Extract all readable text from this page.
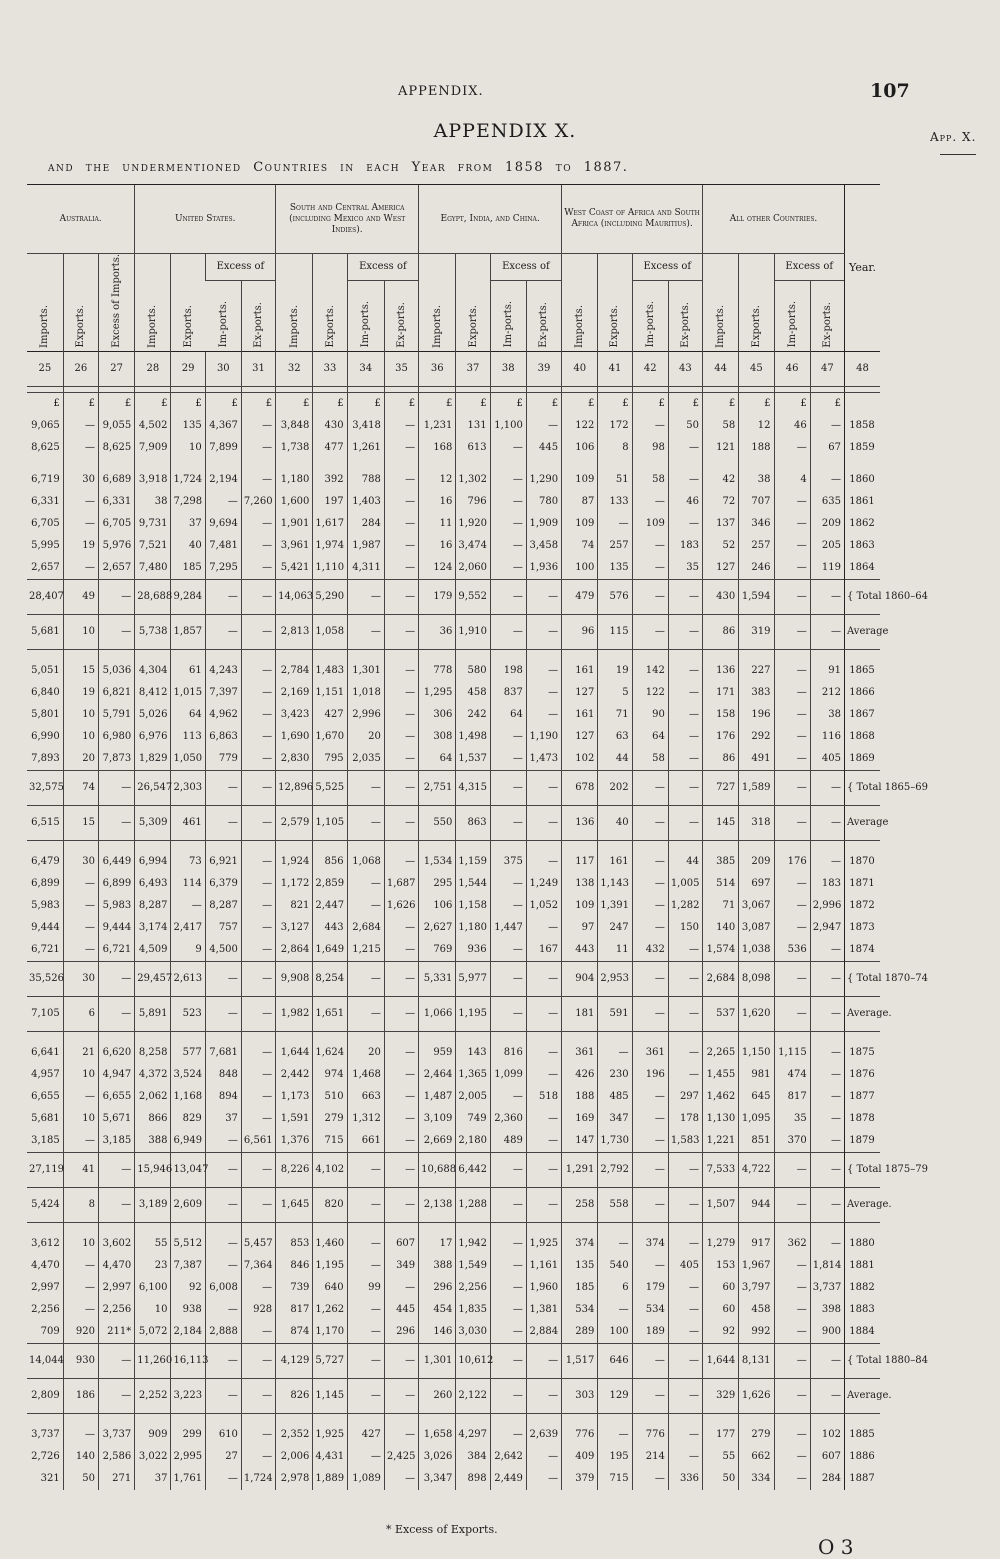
APPENDIX.	107
App. X.
APPENDIX X.
and the undermentioned Countries in each Year from 1858 to 1887.
Australia.			United States.				South and Central America (including Mexico and West Indies).				Egypt, India, and China.				West Coast of Africa and South Africa (including Mauritius).				All other Countries.				Year.
Imports.	Exports.	Excess of Imports.	Imports.	Exports.	Excess of		Imports.	Exports.	Excess of		Imports.	Exports.	Excess of		Imports.	Exports.	Excess of		Imports.	Exports.	Excess of		
					Im-ports.	Ex-ports.			Im-ports.	Ex-ports.			Im-ports.	Ex-ports.			Im-ports.	Ex-ports.			Im-ports.	Ex-ports.	
25	26	27	28	29	30	31	32	33	34	35	36	37	38	39	40	41	42	43	44	45	46	47	48

£	£	£	£	£	£	£	£	£	£	£	£	£	£	£	£	£	£	£	£	£	£	£	
9,065	—	9,055	4,502	135	4,367	—	3,848	430	3,418	—	1,231	131	1,100	—	122	172	—	50	58	12	46	—	1858
8,625	—	8,625	7,909	10	7,899	—	1,738	477	1,261	—	168	613	—	445	106	8	98	—	121	188	—	67	1859

6,719	30	6,689	3,918	1,724	2,194	—	1,180	392	788	—	12	1,302	—	1,290	109	51	58	—	42	38	4	—	1860
6,331	—	6,331	38	7,298	—	7,260	1,600	197	1,403	—	16	796	—	780	87	133	—	46	72	707	—	635	1861
6,705	—	6,705	9,731	37	9,694	—	1,901	1,617	284	—	11	1,920	—	1,909	109	—	109	—	137	346	—	209	1862
5,995	19	5,976	7,521	40	7,481	—	3,961	1,974	1,987	—	16	3,474	—	3,458	74	257	—	183	52	257	—	205	1863
2,657	—	2,657	7,480	185	7,295	—	5,421	1,110	4,311	—	124	2,060	—	1,936	100	135	—	35	127	246	—	119	1864
28,407	49	—	28,688	9,284	—	—	14,063	5,290	—	—	179	9,552	—	—	479	576	—	—	430	1,594	—	—	{ Total 1860–64
5,681	10	—	5,738	1,857	—	—	2,813	1,058	—	—	36	1,910	—	—	96	115	—	—	86	319	—	—	Average

5,051	15	5,036	4,304	61	4,243	—	2,784	1,483	1,301	—	778	580	198	—	161	19	142	—	136	227	—	91	1865
6,840	19	6,821	8,412	1,015	7,397	—	2,169	1,151	1,018	—	1,295	458	837	—	127	5	122	—	171	383	—	212	1866
5,801	10	5,791	5,026	64	4,962	—	3,423	427	2,996	—	306	242	64	—	161	71	90	—	158	196	—	38	1867
6,990	10	6,980	6,976	113	6,863	—	1,690	1,670	20	—	308	1,498	—	1,190	127	63	64	—	176	292	—	116	1868
7,893	20	7,873	1,829	1,050	779	—	2,830	795	2,035	—	64	1,537	—	1,473	102	44	58	—	86	491	—	405	1869
32,575	74	—	26,547	2,303	—	—	12,896	5,525	—	—	2,751	4,315	—	—	678	202	—	—	727	1,589	—	—	{ Total 1865–69
6,515	15	—	5,309	461	—	—	2,579	1,105	—	—	550	863	—	—	136	40	—	—	145	318	—	—	Average

6,479	30	6,449	6,994	73	6,921	—	1,924	856	1,068	—	1,534	1,159	375	—	117	161	—	44	385	209	176	—	1870
6,899	—	6,899	6,493	114	6,379	—	1,172	2,859	—	1,687	295	1,544	—	1,249	138	1,143	—	1,005	514	697	—	183	1871
5,983	—	5,983	8,287	—	8,287	—	821	2,447	—	1,626	106	1,158	—	1,052	109	1,391	—	1,282	71	3,067	—	2,996	1872
9,444	—	9,444	3,174	2,417	757	—	3,127	443	2,684	—	2,627	1,180	1,447	—	97	247	—	150	140	3,087	—	2,947	1873
6,721	—	6,721	4,509	9	4,500	—	2,864	1,649	1,215	—	769	936	—	167	443	11	432	—	1,574	1,038	536	—	1874
35,526	30	—	29,457	2,613	—	—	9,908	8,254	—	—	5,331	5,977	—	—	904	2,953	—	—	2,684	8,098	—	—	{ Total 1870–74
7,105	6	—	5,891	523	—	—	1,982	1,651	—	—	1,066	1,195	—	—	181	591	—	—	537	1,620	—	—	Average.

6,641	21	6,620	8,258	577	7,681	—	1,644	1,624	20	—	959	143	816	—	361	—	361	—	2,265	1,150	1,115	—	1875
4,957	10	4,947	4,372	3,524	848	—	2,442	974	1,468	—	2,464	1,365	1,099	—	426	230	196	—	1,455	981	474	—	1876
6,655	—	6,655	2,062	1,168	894	—	1,173	510	663	—	1,487	2,005	—	518	188	485	—	297	1,462	645	817	—	1877
5,681	10	5,671	866	829	37	—	1,591	279	1,312	—	3,109	749	2,360	—	169	347	—	178	1,130	1,095	35	—	1878
3,185	—	3,185	388	6,949	—	6,561	1,376	715	661	—	2,669	2,180	489	—	147	1,730	—	1,583	1,221	851	370	—	1879
27,119	41	—	15,946	13,047	—	—	8,226	4,102	—	—	10,688	6,442	—	—	1,291	2,792	—	—	7,533	4,722	—	—	{ Total 1875–79
5,424	8	—	3,189	2,609	—	—	1,645	820	—	—	2,138	1,288	—	—	258	558	—	—	1,507	944	—	—	Average.

3,612	10	3,602	55	5,512	—	5,457	853	1,460	—	607	17	1,942	—	1,925	374	—	374	—	1,279	917	362	—	1880
4,470	—	4,470	23	7,387	—	7,364	846	1,195	—	349	388	1,549	—	1,161	135	540	—	405	153	1,967	—	1,814	1881
2,997	—	2,997	6,100	92	6,008	—	739	640	99	—	296	2,256	—	1,960	185	6	179	—	60	3,797	—	3,737	1882
2,256	—	2,256	10	938	—	928	817	1,262	—	445	454	1,835	—	1,381	534	—	534	—	60	458	—	398	1883
709	920	211*	5,072	2,184	2,888	—	874	1,170	—	296	146	3,030	—	2,884	289	100	189	—	92	992	—	900	1884
14,044	930	—	11,260	16,113	—	—	4,129	5,727	—	—	1,301	10,612	—	—	1,517	646	—	—	1,644	8,131	—	—	{ Total 1880–84
2,809	186	—	2,252	3,223	—	—	826	1,145	—	—	260	2,122	—	—	303	129	—	—	329	1,626	—	—	Average.

3,737	—	3,737	909	299	610	—	2,352	1,925	427	—	1,658	4,297	—	2,639	776	—	776	—	177	279	—	102	1885
2,726	140	2,586	3,022	2,995	27	—	2,006	4,431	—	2,425	3,026	384	2,642	—	409	195	214	—	55	662	—	607	1886
321	50	271	37	1,761	—	1,724	2,978	1,889	1,089	—	3,347	898	2,449	—	379	715	—	336	50	334	—	284	1887
* Excess of Exports.
O 3
